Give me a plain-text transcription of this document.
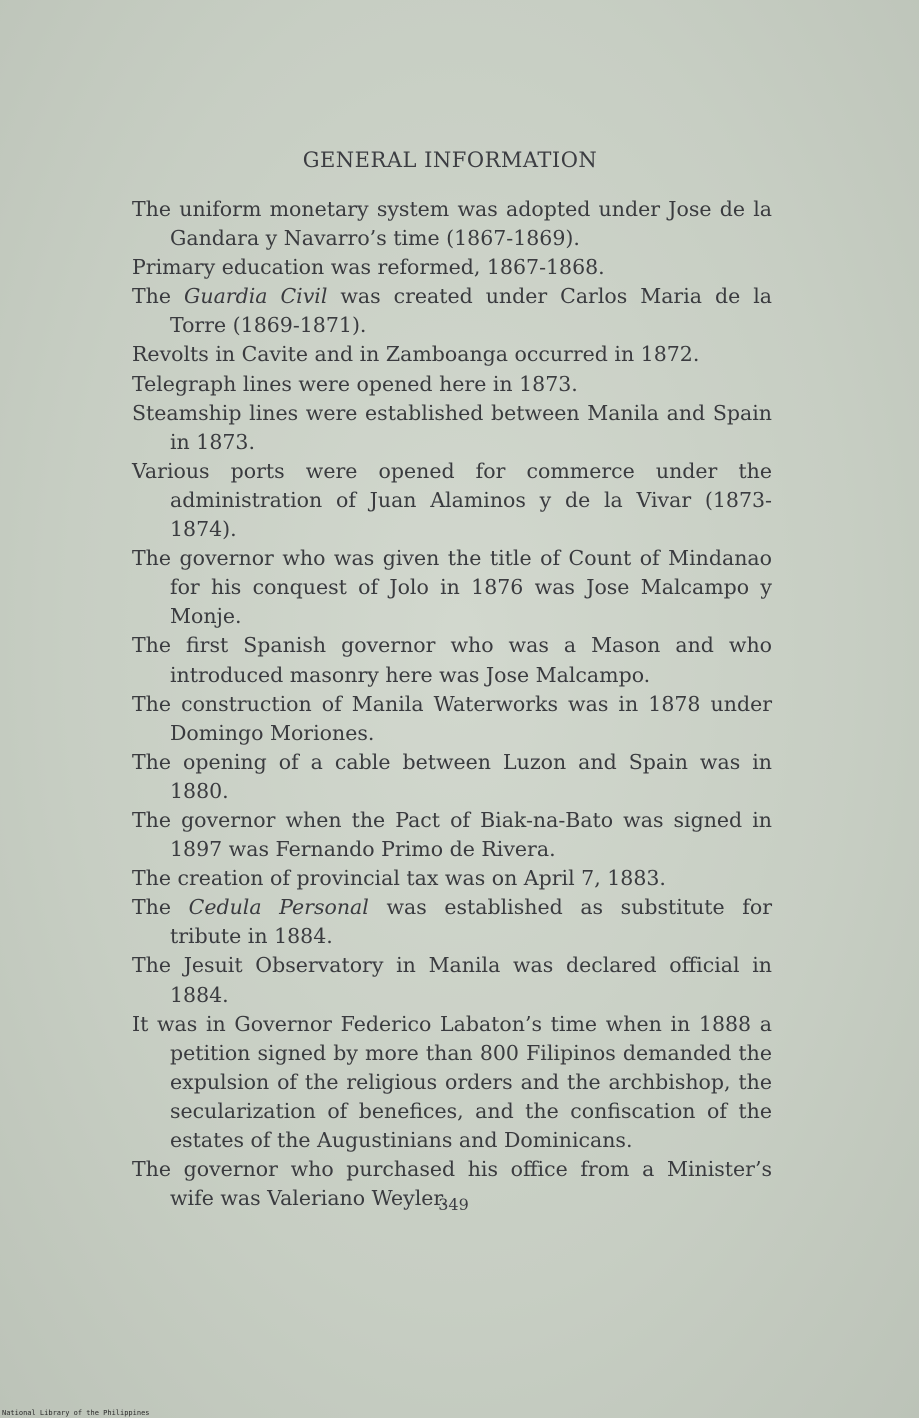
GENERAL INFORMATION
The uniform monetary system was adopted under Jose de la Gandara y Navarro’s time (1867-1869).
Primary education was reformed, 1867-1868.
The Guardia Civil was created under Carlos Maria de la Torre (1869-1871).
Revolts in Cavite and in Zamboanga occurred in 1872.
Telegraph lines were opened here in 1873.
Steamship lines were established between Manila and Spain in 1873.
Various ports were opened for commerce under the administration of Juan Alaminos y de la Vivar (1873-1874).
The governor who was given the title of Count of Mindanao for his conquest of Jolo in 1876 was Jose Malcampo y Monje.
The first Spanish governor who was a Mason and who introduced masonry here was Jose Malcampo.
The construction of Manila Waterworks was in 1878 under Domingo Moriones.
The opening of a cable between Luzon and Spain was in 1880.
The governor when the Pact of Biak-na-Bato was signed in 1897 was Fernando Primo de Rivera.
The creation of provincial tax was on April 7, 1883.
The Cedula Personal was established as substitute for tribute in 1884.
The Jesuit Observatory in Manila was declared official in 1884.
It was in Governor Federico Labaton’s time when in 1888 a petition signed by more than 800 Filipinos demanded the expulsion of the religious orders and the archbishop, the secularization of benefices, and the confiscation of the estates of the Augustinians and Dominicans.
The governor who purchased his office from a Minister’s wife was Valeriano Weyler.
349
National Library of the Philippines
